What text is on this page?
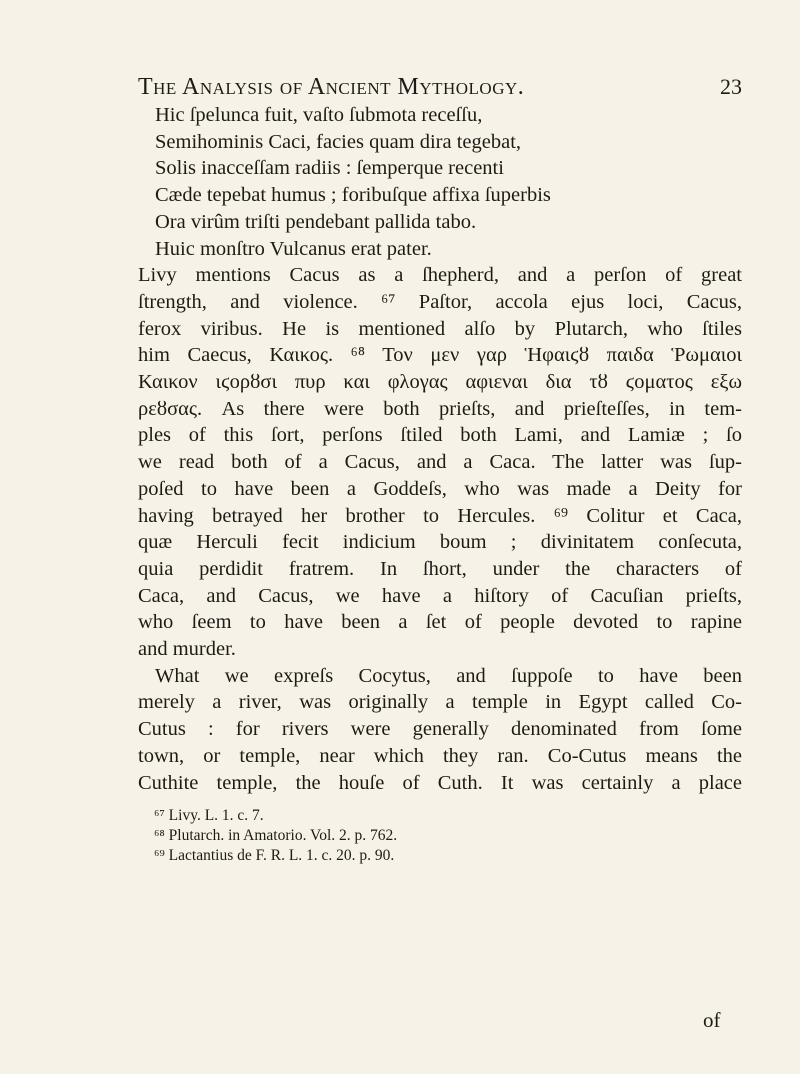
The Analysis of Ancient Mythology.	23
Hic ſpelunca fuit, vaſto ſubmota receſſu,
Semihominis Caci, facies quam dira tegebat,
Solis inacceſſam radiis : ſemperque recenti
Cæde tepebat humus ; foribuſque affixa ſuperbis
Ora virûm triſti pendebant pallida tabo.
Huic monſtro Vulcanus erat pater.
Livy mentions Cacus as a ſhepherd, and a perſon of great
ſtrength, and violence. ⁶⁷ Paſtor, accola ejus loci, Cacus,
ferox viribus. He is mentioned alſo by Plutarch, who ſtiles
him Caecus, Καικος. ⁶⁸ Τον μεν γαρ Ἡφαιϛȣ παιδα Ῥωμαιοι
Καικον ιϛορȣσι πυρ και φλογας αφιεναι δια τȣ ϛοματος εξω
ρεȣσας. As there were both prieſts, and prieſteſſes, in tem-
ples of this ſort, perſons ſtiled both Lami, and Lamiæ ; ſo
we read both of a Cacus, and a Caca. The latter was ſup-
poſed to have been a Goddeſs, who was made a Deity for
having betrayed her brother to Hercules. ⁶⁹ Colitur et Caca,
quæ Herculi fecit indicium boum ; divinitatem conſecuta,
quia perdidit fratrem. In ſhort, under the characters of
Caca, and Cacus, we have a hiſtory of Cacuſian prieſts,
who ſeem to have been a ſet of people devoted to rapine
and murder.
What we expreſs Cocytus, and ſuppoſe to have been
merely a river, was originally a temple in Egypt called Co-
Cutus : for rivers were generally denominated from ſome
town, or temple, near which they ran. Co-Cutus means the
Cuthite temple, the houſe of Cuth. It was certainly a place
⁶⁷ Livy. L. 1. c. 7.
⁶⁸ Plutarch. in Amatorio. Vol. 2. p. 762.
⁶⁹ Lactantius de F. R. L. 1. c. 20. p. 90.
of
